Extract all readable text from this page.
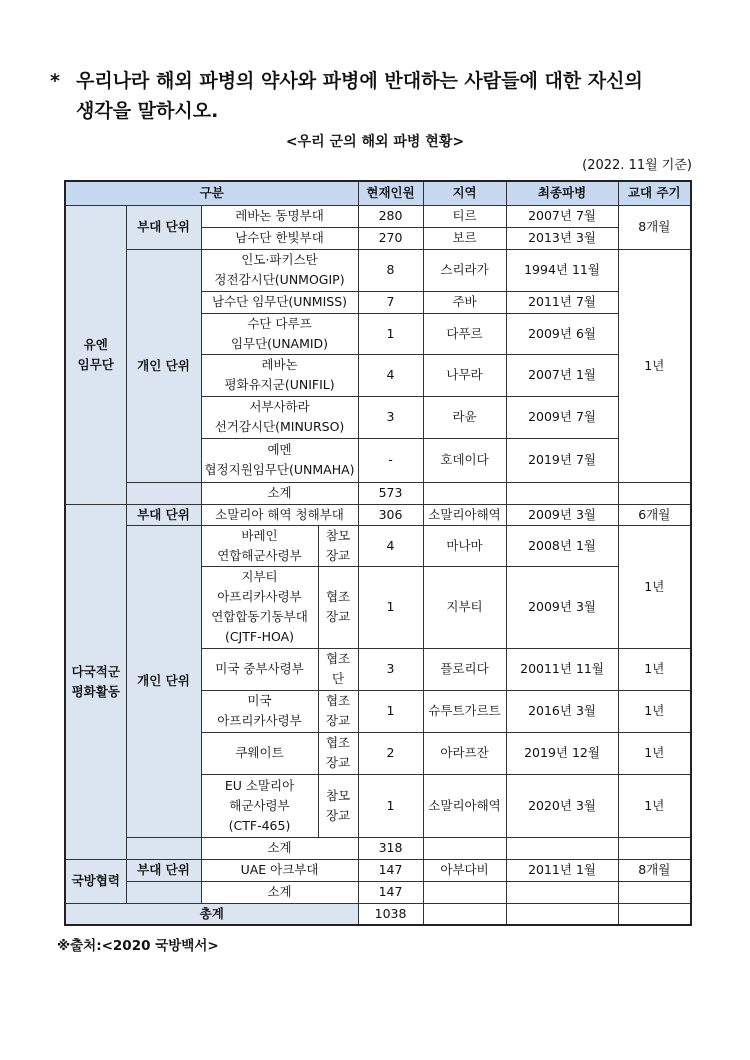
* 우리나라 해외 파병의 약사와 파병에 반대하는 사람들에 대한 자신의
생각을 말하시오.
<우리 군의 해외 파병 현황>
(2022. 11월 기준)
구분				현재인원	지역	최종파병	교대 주기
유엔
임무단	부대 단위	레바논 동명부대		280	티르	2007년 7월	8개월
		남수단 한빛부대		270	보르	2013년 3월	
	개인 단위	인도·파키스탄
정전감시단(UNMOGIP)		8	스리라가	1994년 11월	1년
		남수단 임무단(UNMISS)		7	주바	2011년 7월	
		수단 다루프
임무단(UNAMID)		1	다푸르	2009년 6월	
		레바논
평화유지군(UNIFIL)		4	나무라	2007년 1월	
		서부사하라
선거감시단(MINURSO)		3	라윤	2009년 7월	
		예멘
협정지원임무단(UNMAHA)		-	호데이다	2019년 7월	
		소계		573			
다국적군
평화활동	부대 단위	소말리아 해역 청해부대		306	소말리아해역	2009년 3월	6개월
	개인 단위	바레인
연합해군사령부	참모
장교	4	마나마	2008년 1월	1년
		지부티
아프리카사령부
연합합동기동부대
(CJTF-HOA)	협조
장교	1	지부티	2009년 3월	
		미국 중부사령부	협조
단	3	플로리다	20011년 11월	1년
		미국
아프리카사령부	협조
장교	1	슈투트가르트	2016년 3월	1년
		쿠웨이트	협조
장교	2	아라프잔	2019년 12월	1년
		EU 소말리아
해군사령부
(CTF-465)	참모
장교	1	소말리아해역	2020년 3월	1년
		소계		318			
국방협력	부대 단위	UAE 아크부대		147	아부다비	2011년 1월	8개월
		소계		147			
총계				1038			
※출처:<2020 국방백서>
